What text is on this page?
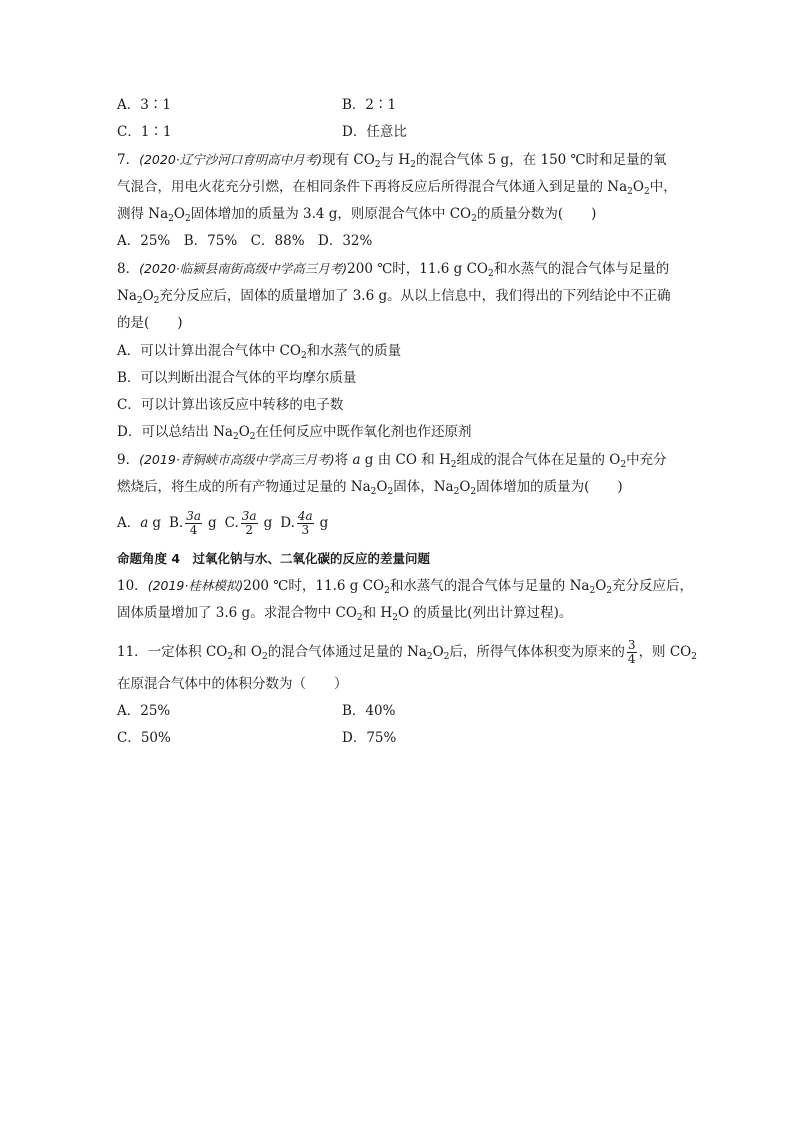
A．3∶1	B．2∶1
C．1∶1	D．任意比
7．(2020·辽宁沙河口育明高中月考)现有 $CO_2$与 $H_2$的混合气体 5 g，在 150 ℃时和足量的氧
气混合，用电火花充分引燃，在相同条件下再将反应后所得混合气体通入到足量的 $Na_2O_2$中，
测得 $Na_2O_2$固体增加的质量为 3.4 g，则原混合气体中 $CO_2$的质量分数为( )
A．25%　B．75%　C．88%　D．32%
8．(2020·临颍县南街高级中学高三月考)200 ℃时，11.6 g $CO_2$和水蒸气的混合气体与足量的
$Na_2O_2$充分反应后，固体的质量增加了 3.6 g。从以上信息中，我们得出的下列结论中不正确
的是( )
A．可以计算出混合气体中 $CO_2$和水蒸气的质量
B．可以判断出混合气体的平均摩尔质量
C．可以计算出该反应中转移的电子数
D．可以总结出 $Na_2O_2$在任何反应中既作氧化剂也作还原剂
9．(2019·青铜峡市高级中学高三月考)将 a g 由 CO 和 $H_2$组成的混合气体在足量的 $O_2$中充分
燃烧后，将生成的所有产物通过足量的 $Na_2O_2$固体，$Na_2O_2$固体增加的质量为( )
A．a g B. $\frac{3a}{4}$ g C. $\frac{3a}{2}$ g D. $\frac{4a}{3}$ g
命题角度 4　过氧化钠与水、二氧化碳的反应的差量问题
10．(2019·桂林模拟)200 ℃时，11.6 g $CO_2$和水蒸气的混合气体与足量的 $Na_2O_2$充分反应后，
固体质量增加了 3.6 g。求混合物中 $CO_2$和 $H_2O$ 的质量比(列出计算过程)。
11．一定体积 $CO_2$和 $O_2$的混合气体通过足量的 $Na_2O_2$后，所得气体体积变为原来的 $\frac{3}{4}$ ，则 $CO_2$
在原混合气体中的体积分数为（ ）
A．25%	B．40%
C．50%	D．75%
